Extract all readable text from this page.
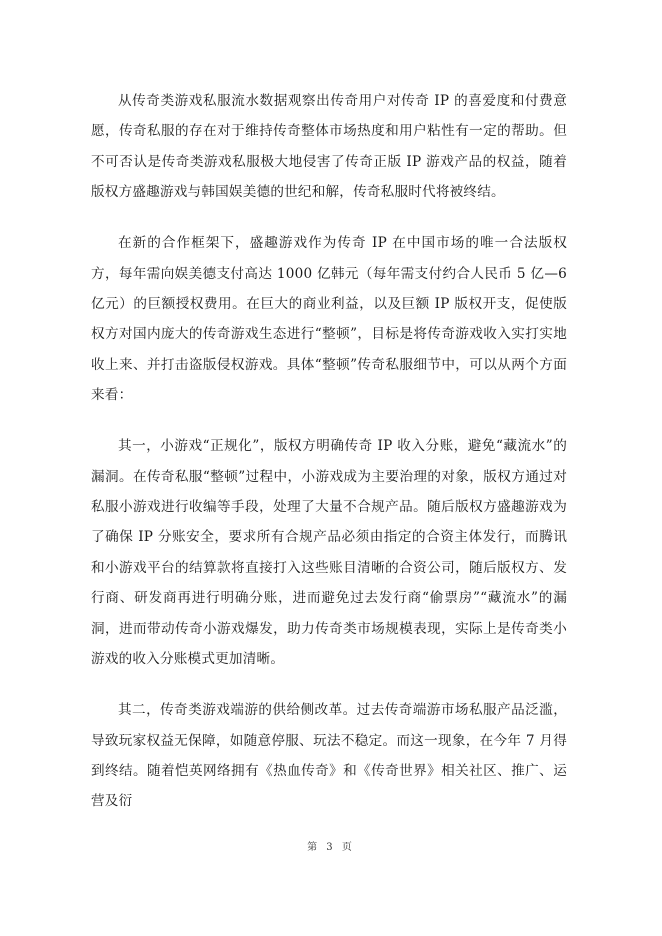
从传奇类游戏私服流水数据观察出传奇用户对传奇 IP 的喜爱度和付费意愿，传奇私服的存在对于维持传奇整体市场热度和用户粘性有一定的帮助。但不可否认是传奇类游戏私服极大地侵害了传奇正版 IP 游戏产品的权益，随着版权方盛趣游戏与韩国娱美德的世纪和解，传奇私服时代将被终结。

在新的合作框架下，盛趣游戏作为传奇 IP 在中国市场的唯一合法版权方，每年需向娱美德支付高达 1000 亿韩元（每年需支付约合人民币 5 亿—6 亿元）的巨额授权费用。在巨大的商业利益，以及巨额 IP 版权开支，促使版权方对国内庞大的传奇游戏生态进行“整顿”，目标是将传奇游戏收入实打实地收上来、并打击盗版侵权游戏。具体“整顿”传奇私服细节中，可以从两个方面来看：

其一，小游戏“正规化”，版权方明确传奇 IP 收入分账，避免“藏流水”的漏洞。在传奇私服“整顿”过程中，小游戏成为主要治理的对象，版权方通过对私服小游戏进行收编等手段，处理了大量不合规产品。随后版权方盛趣游戏为了确保 IP 分账安全，要求所有合规产品必须由指定的合资主体发行，而腾讯和小游戏平台的结算款将直接打入这些账目清晰的合资公司，随后版权方、发行商、研发商再进行明确分账，进而避免过去发行商“偷票房”“藏流水”的漏洞，进而带动传奇小游戏爆发，助力传奇类市场规模表现，实际上是传奇类小游戏的收入分账模式更加清晰。

其二，传奇类游戏端游的供给侧改革。过去传奇端游市场私服产品泛滥，导致玩家权益无保障，如随意停服、玩法不稳定。而这一现象，在今年 7 月得到终结。随着恺英网络拥有《热血传奇》和《传奇世界》相关社区、推广、运营及衍

第 3 页
